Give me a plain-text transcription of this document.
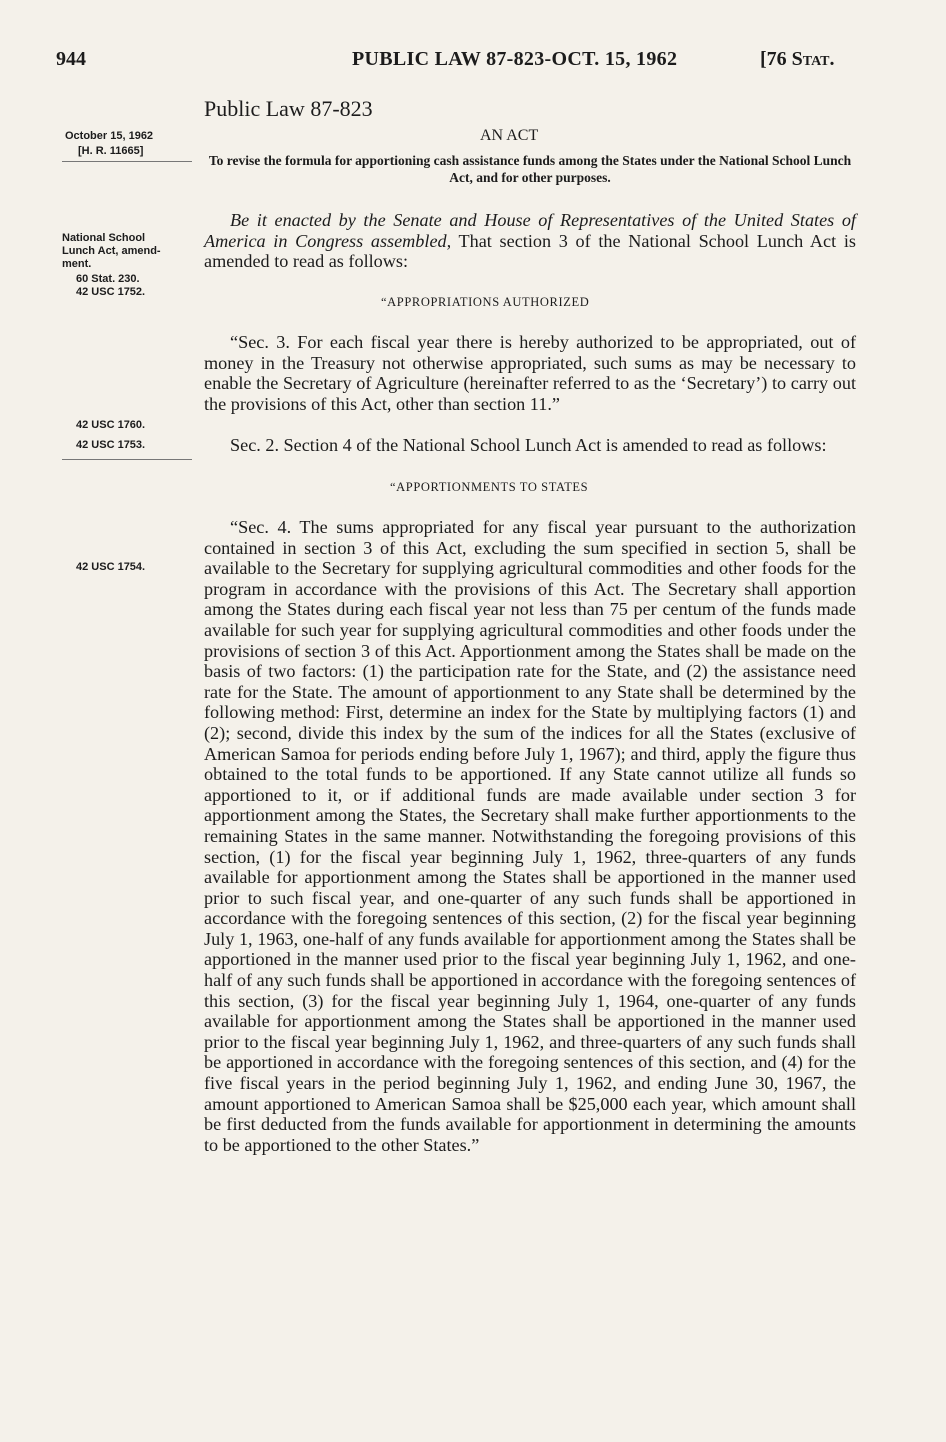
944	PUBLIC LAW 87-823-OCT. 15, 1962	[76 Stat.
October 15, 1962
[H. R. 11665]
National School
Lunch Act, amend-
ment.
60 Stat. 230.
42 USC 1752.
42 USC 1760.
42 USC 1753.
42 USC 1754.
Public Law 87-823
AN ACT
To revise the formula for apportioning cash assistance funds among the States under the National School Lunch Act, and for other purposes.

Be it enacted by the Senate and House of Representatives of the United States of America in Congress assembled, That section 3 of the National School Lunch Act is amended to read as follows:

“APPROPRIATIONS AUTHORIZED

“Sec. 3. For each fiscal year there is hereby authorized to be appropriated, out of money in the Treasury not otherwise appropriated, such sums as may be necessary to enable the Secretary of Agriculture (hereinafter referred to as the ‘Secretary’) to carry out the provisions of this Act, other than section 11.”

Sec. 2. Section 4 of the National School Lunch Act is amended to read as follows:

“APPORTIONMENTS TO STATES

“Sec. 4. The sums appropriated for any fiscal year pursuant to the authorization contained in section 3 of this Act, excluding the sum specified in section 5, shall be available to the Secretary for supplying agricultural commodities and other foods for the program in accordance with the provisions of this Act. The Secretary shall apportion among the States during each fiscal year not less than 75 per centum of the funds made available for such year for supplying agricultural commodities and other foods under the provisions of section 3 of this Act. Apportionment among the States shall be made on the basis of two factors: (1) the participation rate for the State, and (2) the assistance need rate for the State. The amount of apportionment to any State shall be determined by the following method: First, determine an index for the State by multiplying factors (1) and (2); second, divide this index by the sum of the indices for all the States (exclusive of American Samoa for periods ending before July 1, 1967); and third, apply the figure thus obtained to the total funds to be apportioned. If any State cannot utilize all funds so apportioned to it, or if additional funds are made available under section 3 for apportionment among the States, the Secretary shall make further apportionments to the remaining States in the same manner. Notwithstanding the foregoing provisions of this section, (1) for the fiscal year beginning July 1, 1962, three-quarters of any funds available for apportionment among the States shall be apportioned in the manner used prior to such fiscal year, and one-quarter of any such funds shall be apportioned in accordance with the foregoing sentences of this section, (2) for the fiscal year beginning July 1, 1963, one-half of any funds available for apportionment among the States shall be apportioned in the manner used prior to the fiscal year beginning July 1, 1962, and one-half of any such funds shall be apportioned in accordance with the foregoing sentences of this section, (3) for the fiscal year beginning July 1, 1964, one-quarter of any funds available for apportionment among the States shall be apportioned in the manner used prior to the fiscal year beginning July 1, 1962, and three-quarters of any such funds shall be apportioned in accordance with the foregoing sentences of this section, and (4) for the five fiscal years in the period beginning July 1, 1962, and ending June 30, 1967, the amount apportioned to American Samoa shall be $25,000 each year, which amount shall be first deducted from the funds available for apportionment in determining the amounts to be apportioned to the other States.”
